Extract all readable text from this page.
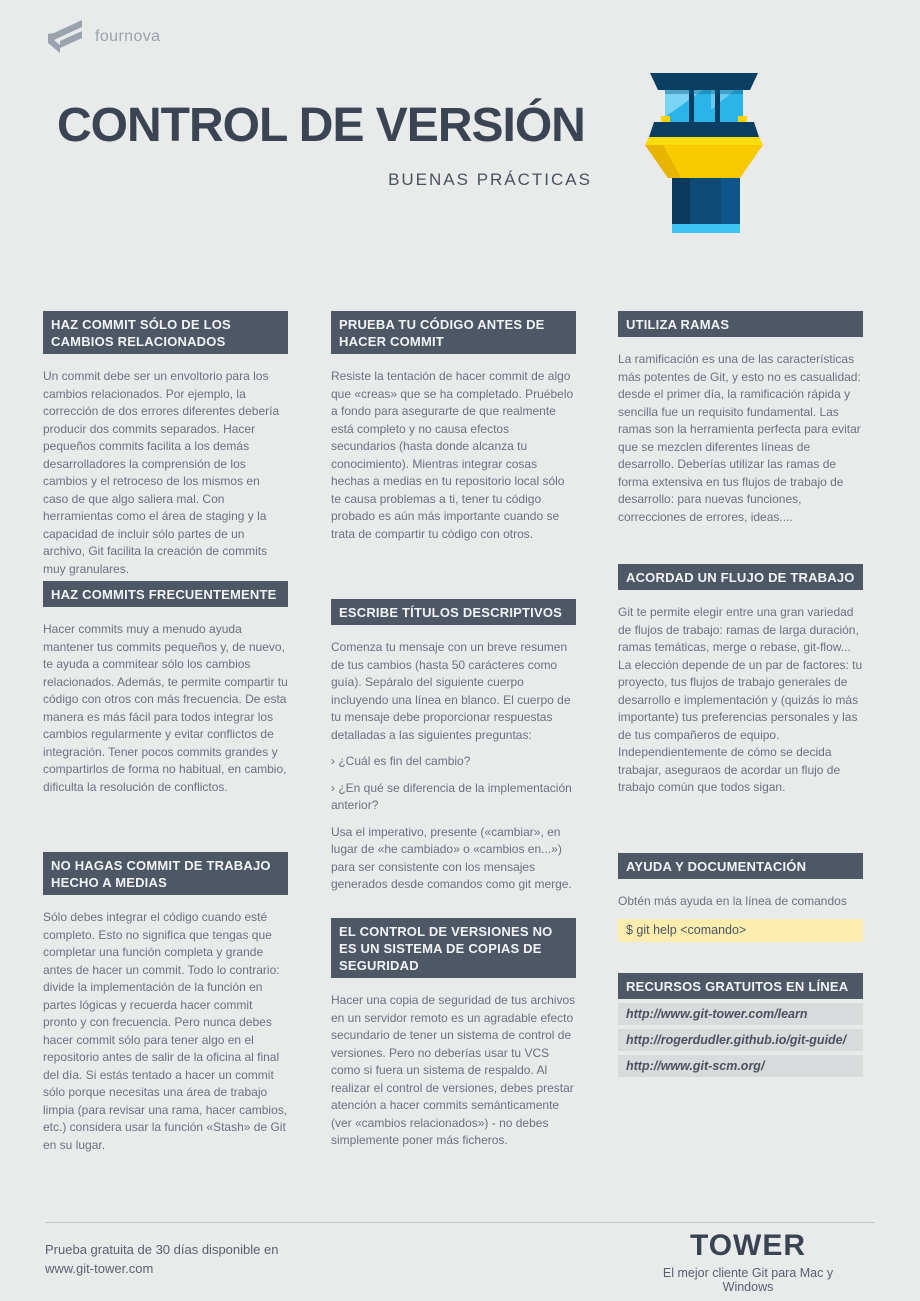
fournova
CONTROL DE VERSIÓN
BUENAS PRÁCTICAS
HAZ COMMIT SÓLO DE LOS CAMBIOS RELACIONADOS

Un commit debe ser un envoltorio para los cambios relacionados. Por ejemplo, la corrección de dos errores diferentes debería producir dos commits separados. Hacer pequeños commits facilita a los demás desarrolladores la comprensión de los cambios y el retroceso de los mismos en caso de que algo saliera mal. Con herramientas como el área de staging y la capacidad de incluir sólo partes de un archivo, Git facilita la creación de commits muy granulares.

HAZ COMMITS FRECUENTEMENTE

Hacer commits muy a menudo ayuda mantener tus commits pequeños y, de nuevo, te ayuda a commitear sólo los cambios relacionados. Además, te permite compartir tu código con otros con más frecuencia. De esta manera es más fácil para todos integrar los cambios regularmente y evitar conflictos de integración. Tener pocos commits grandes y compartirlos de forma no habitual, en cambio, dificulta la resolución de conflictos.

NO HAGAS COMMIT DE TRABAJO HECHO A MEDIAS

Sólo debes integrar el código cuando esté completo. Esto no significa que tengas que completar una función completa y grande antes de hacer un commit. Todo lo contrario: divide la implementación de la función en partes lógicas y recuerda hacer commit pronto y con frecuencia. Pero nunca debes hacer commit sólo para tener algo en el repositorio antes de salir de la oficina al final del día. Si estás tentado a hacer un commit sólo porque necesitas una área de trabajo limpia (para revisar una rama, hacer cambios, etc.) considera usar la función «Stash» de Git en su lugar.

PRUEBA TU CÓDIGO ANTES DE HACER COMMIT

Resiste la tentación de hacer commit de algo que «creas» que se ha completado. Pruébelo a fondo para asegurarte de que realmente está completo y no causa efectos secundarios (hasta donde alcanza tu conocimiento). Mientras integrar cosas hechas a medias en tu repositorio local sólo te causa problemas a ti, tener tu código probado es aún más importante cuando se trata de compartir tu código con otros.

ESCRIBE TÍTULOS DESCRIPTIVOS

Comenza tu mensaje con un breve resumen de tus cambios (hasta 50 carácteres como guía). Sepáralo del siguiente cuerpo incluyendo una línea en blanco. El cuerpo de tu mensaje debe proporcionar respuestas detalladas a las siguientes preguntas:

› ¿Cuál es fin del cambio?

› ¿En qué se diferencia de la implementación anterior?

Usa el imperativo, presente («cambiar», en lugar de «he cambiado» o «cambios en...») para ser consistente con los mensajes generados desde comandos como git merge.

EL CONTROL DE VERSIONES NO ES UN SISTEMA DE COPIAS DE SEGURIDAD

Hacer una copia de seguridad de tus archivos en un servidor remoto es un agradable efecto secundario de tener un sistema de control de versiones. Pero no deberías usar tu VCS como si fuera un sistema de respaldo. Al realizar el control de versiones, debes prestar atención a hacer commits semánticamente (ver «cambios relacionados») - no debes simplemente poner más ficheros.

UTILIZA RAMAS

La ramificación es una de las características más potentes de Git, y esto no es casualidad: desde el primer día, la ramificación rápida y sencilla fue un requisito fundamental. Las ramas son la herramienta perfecta para evitar que se mezclen diferentes líneas de desarrollo. Deberías utilizar las ramas de forma extensiva en tus flujos de trabajo de desarrollo: para nuevas funciones, correcciones de errores, ideas....

ACORDAD UN FLUJO DE TRABAJO

Git te permite elegir entre una gran variedad de flujos de trabajo: ramas de larga duración, ramas temáticas, merge o rebase, git-flow... La elección depende de un par de factores: tu proyecto, tus flujos de trabajo generales de desarrollo e implementación y (quizás lo más importante) tus preferencias personales y las de tus compañeros de equipo. Independientemente de cómo se decida trabajar, aseguraos de acordar un flujo de trabajo común que todos sigan.

AYUDA Y DOCUMENTACIÓN

Obtén más ayuda en la línea de comandos

$ git help <comando>
RECURSOS GRATUITOS EN LÍNEA
http://www.git-tower.com/learn
http://rogerdudler.github.io/git-guide/
http://www.git-scm.org/
Prueba gratuita de 30 días disponible en
www.git-tower.com
TOWER
El mejor cliente Git para Mac y Windows
